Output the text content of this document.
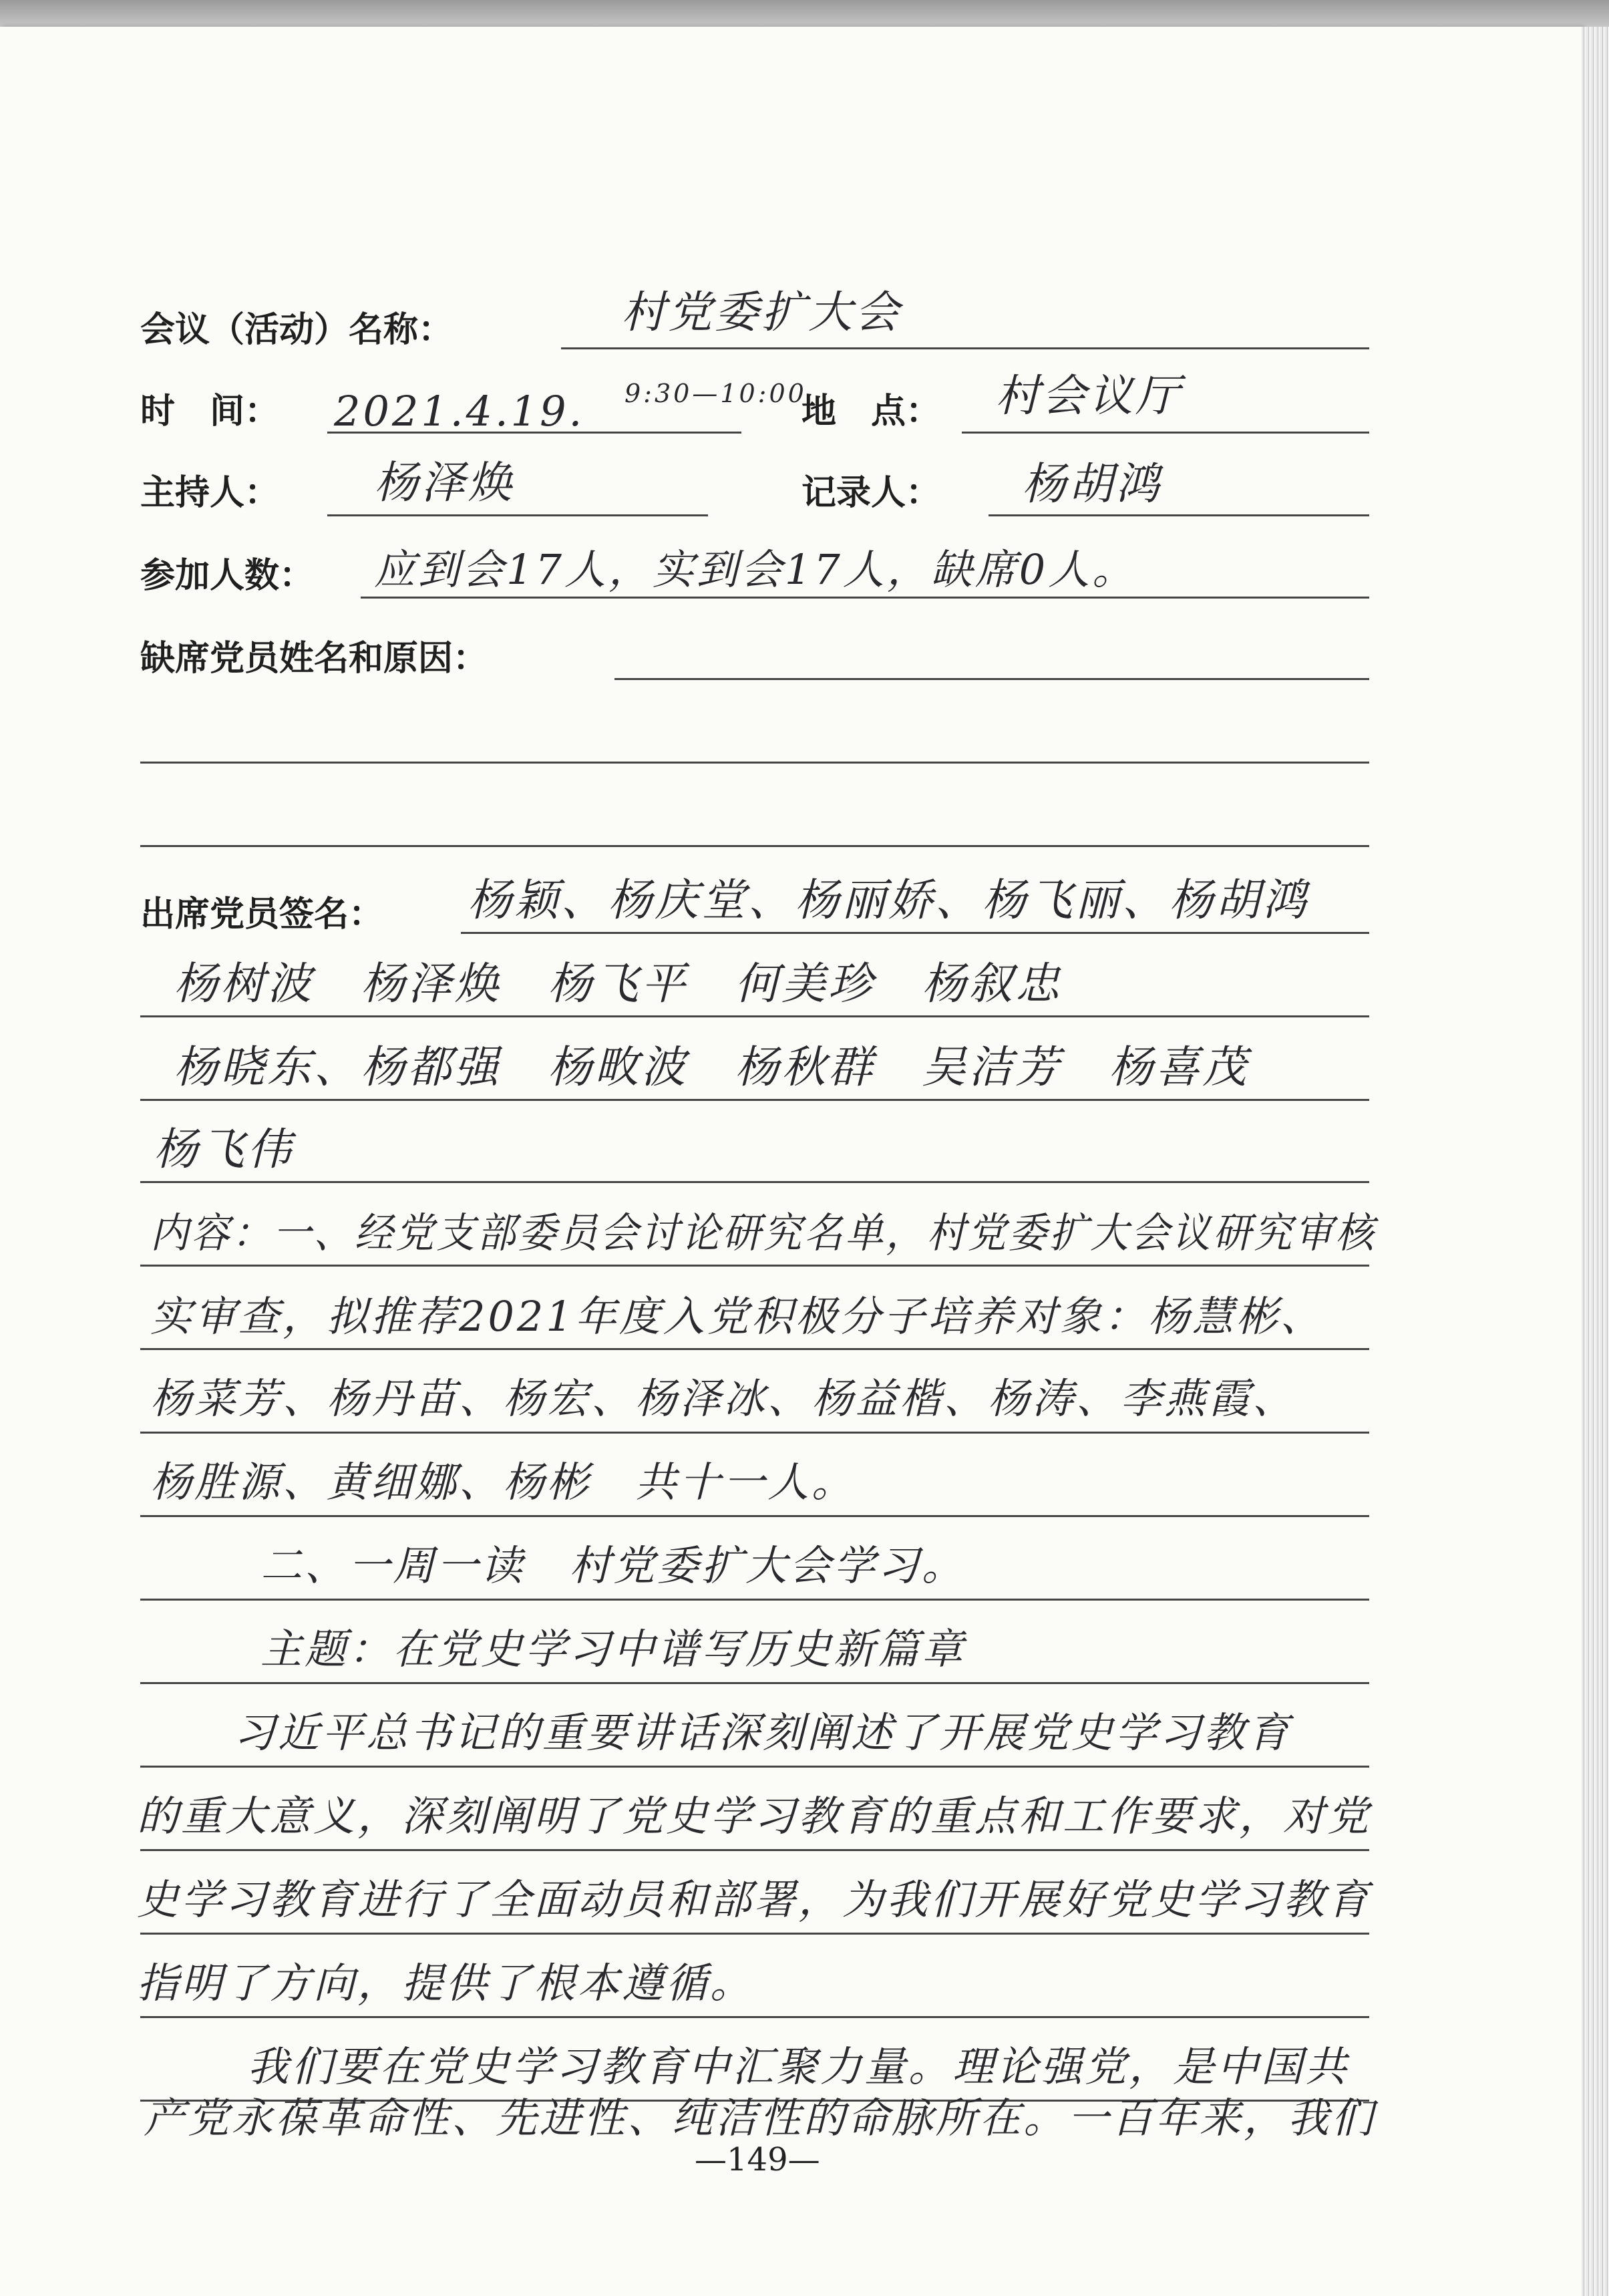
会议（活动）名称：	村党委扩大会
时　间： 2021.4.19. 9:30—10:00
地　点： 村会议厅
主持人： 杨泽焕	记录人： 杨胡鸿
参加人数： 应到会17人，实到会17人，缺席0人。
缺席党员姓名和原因：
出席党员签名： 杨颖、杨庆堂、杨丽娇、杨飞丽、杨胡鸿
杨树波　杨泽焕　杨飞平　何美珍　杨叙忠
杨晓东、杨都强　杨畋波　杨秋群　吴洁芳　杨喜茂
杨飞伟
内容：一、经党支部委员会讨论研究名单，村党委扩大会议研究审核
实审查，拟推荐2021年度入党积极分子培养对象：杨慧彬、
杨菜芳、杨丹苗、杨宏、杨泽冰、杨益楷、杨涛、李燕霞、
杨胜源、黄细娜、杨彬　共十一人。
二、一周一读　村党委扩大会学习。
主题：在党史学习中谱写历史新篇章
习近平总书记的重要讲话深刻阐述了开展党史学习教育
的重大意义，深刻阐明了党史学习教育的重点和工作要求，对党
史学习教育进行了全面动员和部署，为我们开展好党史学习教育
指明了方向，提供了根本遵循。
我们要在党史学习教育中汇聚力量。理论强党，是中国共
产党永葆革命性、先进性、纯洁性的命脉所在。一百年来，我们
—149—
